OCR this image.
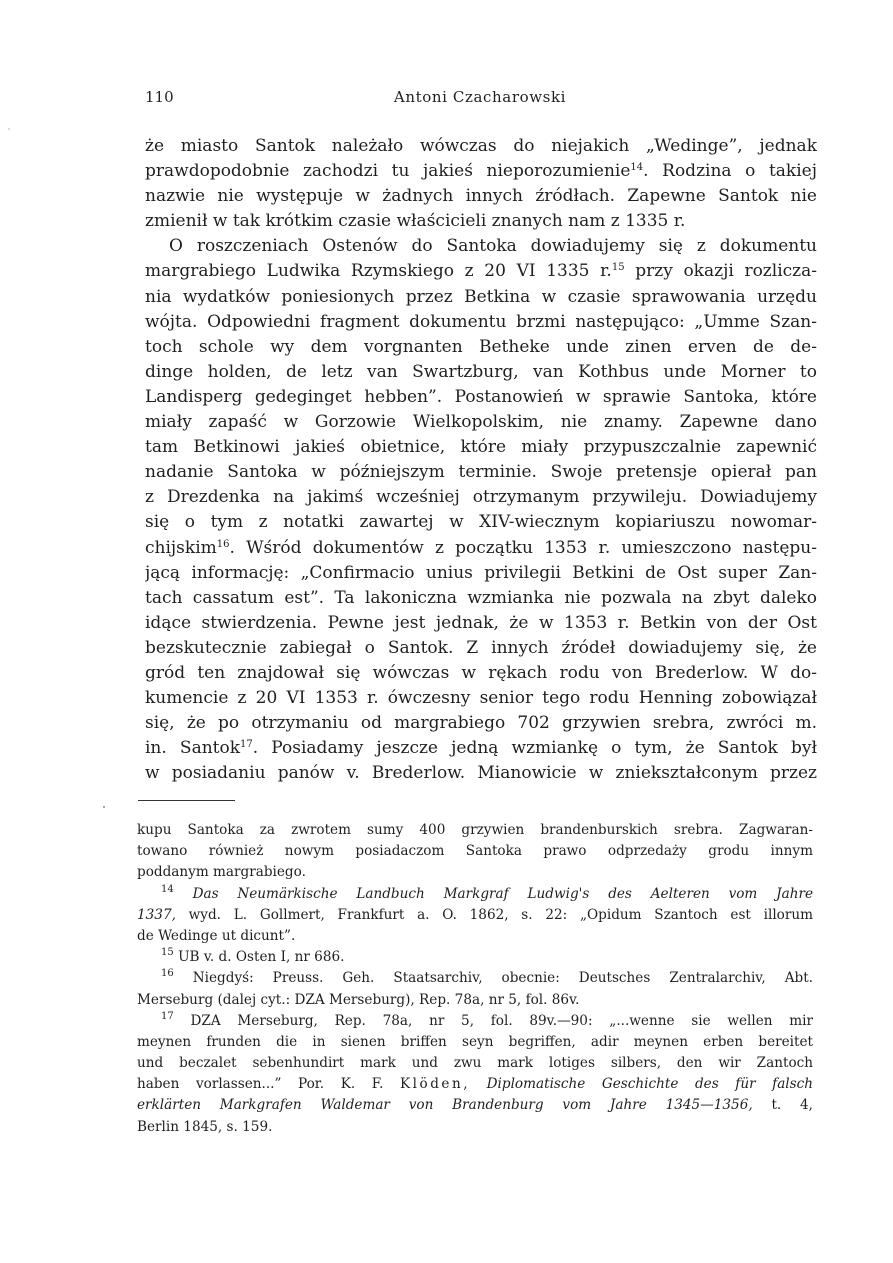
110	Antoni Czacharowski
że miasto Santok należało wówczas do niejakich „Wedinge”, jednak
prawdopodobnie zachodzi tu jakieś nieporozumienie$^{14}$. Rodzina o takiej
nazwie nie występuje w żadnych innych źródłach. Zapewne Santok nie
zmienił w tak krótkim czasie właścicieli znanych nam z 1335 r.
O roszczeniach Ostenów do Santoka dowiadujemy się z dokumentu
margrabiego Ludwika Rzymskiego z 20 VI 1335 r.$^{15}$ przy okazji rozlicza-
nia wydatków poniesionych przez Betkina w czasie sprawowania urzędu
wójta. Odpowiedni fragment dokumentu brzmi następująco: „Umme Szan-
toch schole wy dem vorgnanten Betheke unde zinen erven de de-
dinge holden, de letz van Swartzburg, van Kothbus unde Morner to
Landisperg gedeginget hebben”. Postanowień w sprawie Santoka, które
miały zapaść w Gorzowie Wielkopolskim, nie znamy. Zapewne dano
tam Betkinowi jakieś obietnice, które miały przypuszczalnie zapewnić
nadanie Santoka w późniejszym terminie. Swoje pretensje opierał pan
z Drezdenka na jakimś wcześniej otrzymanym przywileju. Dowiadujemy
się o tym z notatki zawartej w XIV-wiecznym kopiariuszu nowomar-
chijskim$^{16}$. Wśród dokumentów z początku 1353 r. umieszczono następu-
jącą informację: „Confirmacio unius privilegii Betkini de Ost super Zan-
tach cassatum est”. Ta lakoniczna wzmianka nie pozwala na zbyt daleko
idące stwierdzenia. Pewne jest jednak, że w 1353 r. Betkin von der Ost
bezskutecznie zabiegał o Santok. Z innych źródeł dowiadujemy się, że
gród ten znajdował się wówczas w rękach rodu von Brederlow. W do-
kumencie z 20 VI 1353 r. ówczesny senior tego rodu Henning zobowiązał
się, że po otrzymaniu od margrabiego 702 grzywien srebra, zwróci m.
in. Santok$^{17}$. Posiadamy jeszcze jedną wzmiankę o tym, że Santok był
w posiadaniu panów v. Brederlow. Mianowicie w zniekształconym przez
kupu Santoka za zwrotem sumy 400 grzywien brandenburskich srebra. Zagwaran-
towano również nowym posiadaczom Santoka prawo odprzedaży grodu innym
poddanym margrabiego.
$^{14}$ Das Neumärkische Landbuch Markgraf Ludwig's des Aelteren vom Jahre
1337, wyd. L. Gollmert, Frankfurt a. O. 1862, s. 22: „Opidum Szantoch est illorum
de Wedinge ut dicunt”.
$^{15}$ UB v. d. Osten I, nr 686.
$^{16}$ Niegdyś: Preuss. Geh. Staatsarchiv, obecnie: Deutsches Zentralarchiv, Abt.
Merseburg (dalej cyt.: DZA Merseburg), Rep. 78a, nr 5, fol. 86v.
$^{17}$ DZA Merseburg, Rep. 78a, nr 5, fol. 89v.—90: „...wenne sie wellen mir
meynen frunden die in sienen briffen seyn begriffen, adir meynen erben bereitet
und beczalet sebenhundirt mark und zwu mark lotiges silbers, den wir Zantoch
haben vorlassen...” Por. K. F. Klöden, Diplomatische Geschichte des für falsch
erklärten Markgrafen Waldemar von Brandenburg vom Jahre 1345—1356, t. 4,
Berlin 1845, s. 159.
